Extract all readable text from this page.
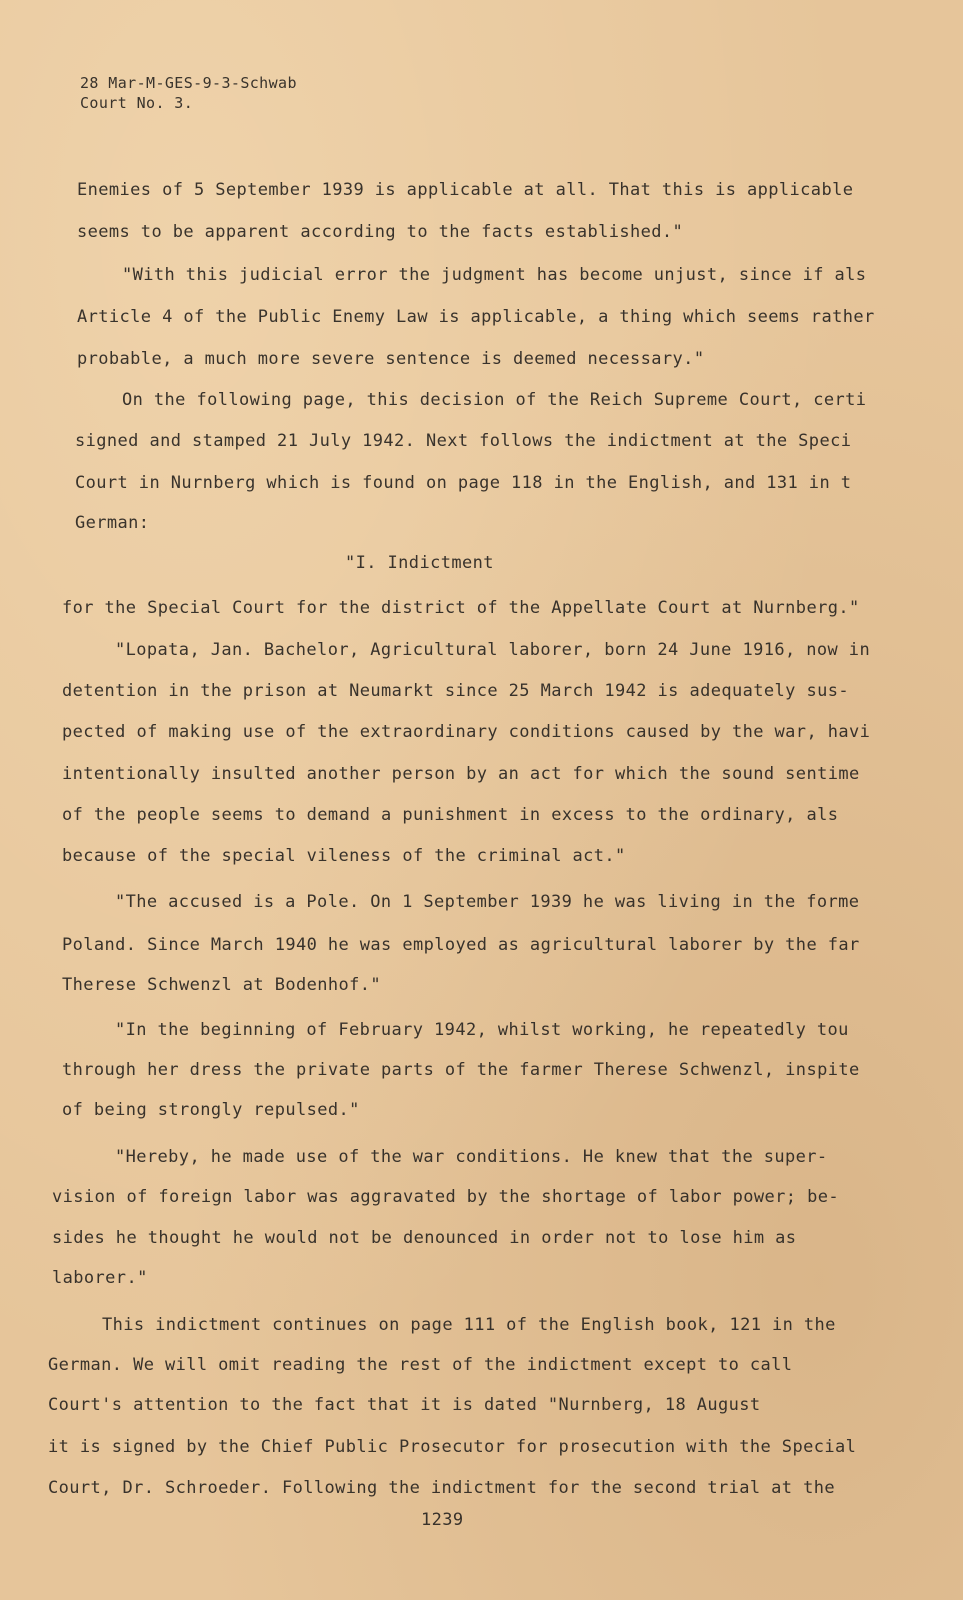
28 Mar-M-GES-9-3-Schwab
Court No. 3.
Enemies of 5 September 1939 is applicable at all. That this is applicable
seems to be apparent according to the facts established."
"With this judicial error the judgment has become unjust, since if als
Article 4 of the Public Enemy Law is applicable, a thing which seems rather
probable, a much more severe sentence is deemed necessary."
On the following page, this decision of the Reich Supreme Court, certi
signed and stamped 21 July 1942. Next follows the indictment at the Speci
Court in Nurnberg which is found on page 118 in the English, and 131 in t
German:
"I. Indictment
for the Special Court for the district of the Appellate Court at Nurnberg."
"Lopata, Jan. Bachelor, Agricultural laborer, born 24 June 1916, now in
detention in the prison at Neumarkt since 25 March 1942 is adequately sus-
pected of making use of the extraordinary conditions caused by the war, havi
intentionally insulted another person by an act for which the sound sentime
of the people seems to demand a punishment in excess to the ordinary, als
because of the special vileness of the criminal act."
"The accused is a Pole. On 1 September 1939 he was living in the forme
Poland. Since March 1940 he was employed as agricultural laborer by the far
Therese Schwenzl at Bodenhof."
"In the beginning of February 1942, whilst working, he repeatedly tou
through her dress the private parts of the farmer Therese Schwenzl, inspite
of being strongly repulsed."
"Hereby, he made use of the war conditions. He knew that the super-
vision of foreign labor was aggravated by the shortage of labor power; be-
sides he thought he would not be denounced in order not to lose him as
laborer."
This indictment continues on page 111 of the English book, 121 in the
German. We will omit reading the rest of the indictment except to call
Court's attention to the fact that it is dated "Nurnberg, 18 August
it is signed by the Chief Public Prosecutor for prosecution with the Special
Court, Dr. Schroeder. Following the indictment for the second trial at the
1239
